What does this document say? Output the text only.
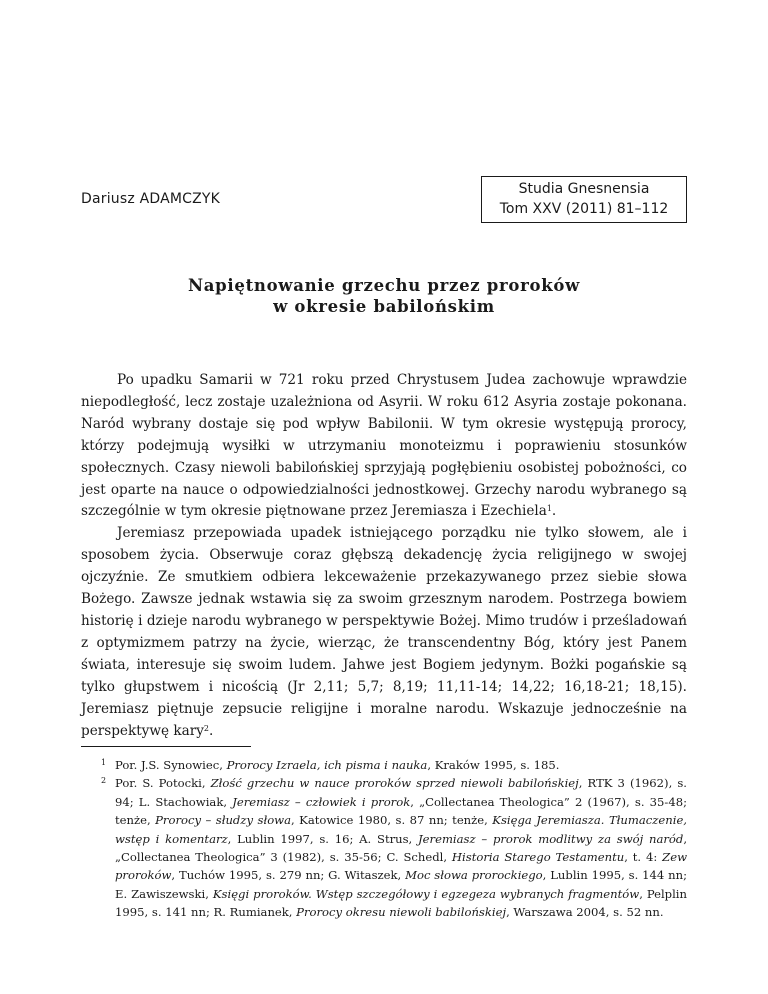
Dariusz ADAMCZYK
Studia Gnesnensia
Tom XXV (2011) 81–112
Napiętnowanie grzechu przez proroków
w okresie babilońskim

Po upadku Samarii w 721 roku przed Chrystusem Judea zachowuje wprawdzie niepodległość, lecz zostaje uzależniona od Asyrii. W roku 612 Asyria zostaje pokonana. Naród wybrany dostaje się pod wpływ Babilonii. W tym okresie występują prorocy, którzy podejmują wysiłki w utrzymaniu monoteizmu i poprawieniu stosunków społecznych. Czasy niewoli babilońskiej sprzyjają pogłębieniu osobistej pobożności, co jest oparte na nauce o odpowiedzialności jednostkowej. Grzechy narodu wybranego są szczególnie w tym okresie piętnowane przez Jeremiasza i Ezechiela$^1$.

Jeremiasz przepowiada upadek istniejącego porządku nie tylko słowem, ale i sposobem życia. Obserwuje coraz głębszą dekadencję życia religijnego w swojej ojczyźnie. Ze smutkiem odbiera lekceważenie przekazywanego przez siebie słowa Bożego. Zawsze jednak wstawia się za swoim grzesznym narodem. Postrzega bowiem historię i dzieje narodu wybranego w perspektywie Bożej. Mimo trudów i prześladowań z optymizmem patrzy na życie, wierząc, że transcendentny Bóg, który jest Panem świata, interesuje się swoim ludem. Jahwe jest Bogiem jedynym. Bożki pogańskie są tylko głupstwem i nicością (Jr 2,11; 5,7; 8,19; 11,11-14; 14,22; 16,18-21; 18,15). Jeremiasz piętnuje zepsucie religijne i moralne narodu. Wskazuje jednocześnie na perspektywę kary$^2$.

1 Por. J.S. Synowiec, Prorocy Izraela, ich pisma i nauka, Kraków 1995, s. 185.
2 Por. S. Potocki, Złość grzechu w nauce proroków sprzed niewoli babilońskiej, RTK 3 (1962), s. 94; L. Stachowiak, Jeremiasz – człowiek i prorok, „Collectanea Theologica” 2 (1967), s. 35-48; tenże, Prorocy – słudzy słowa, Katowice 1980, s. 87 nn; tenże, Księga Jeremiasza. Tłumaczenie, wstęp i komentarz, Lublin 1997, s. 16; A. Strus, Jeremiasz – prorok modlitwy za swój naród, „Collectanea Theologica” 3 (1982), s. 35-56; C. Schedl, Historia Starego Testamentu, t. 4: Zew proroków, Tuchów 1995, s. 279 nn; G. Witaszek, Moc słowa prorockiego, Lublin 1995, s. 144 nn; E. Zawiszewski, Księgi proroków. Wstęp szczegółowy i egzegeza wybranych fragmentów, Pelplin 1995, s. 141 nn; R. Rumianek, Prorocy okresu niewoli babilońskiej, Warszawa 2004, s. 52 nn.
